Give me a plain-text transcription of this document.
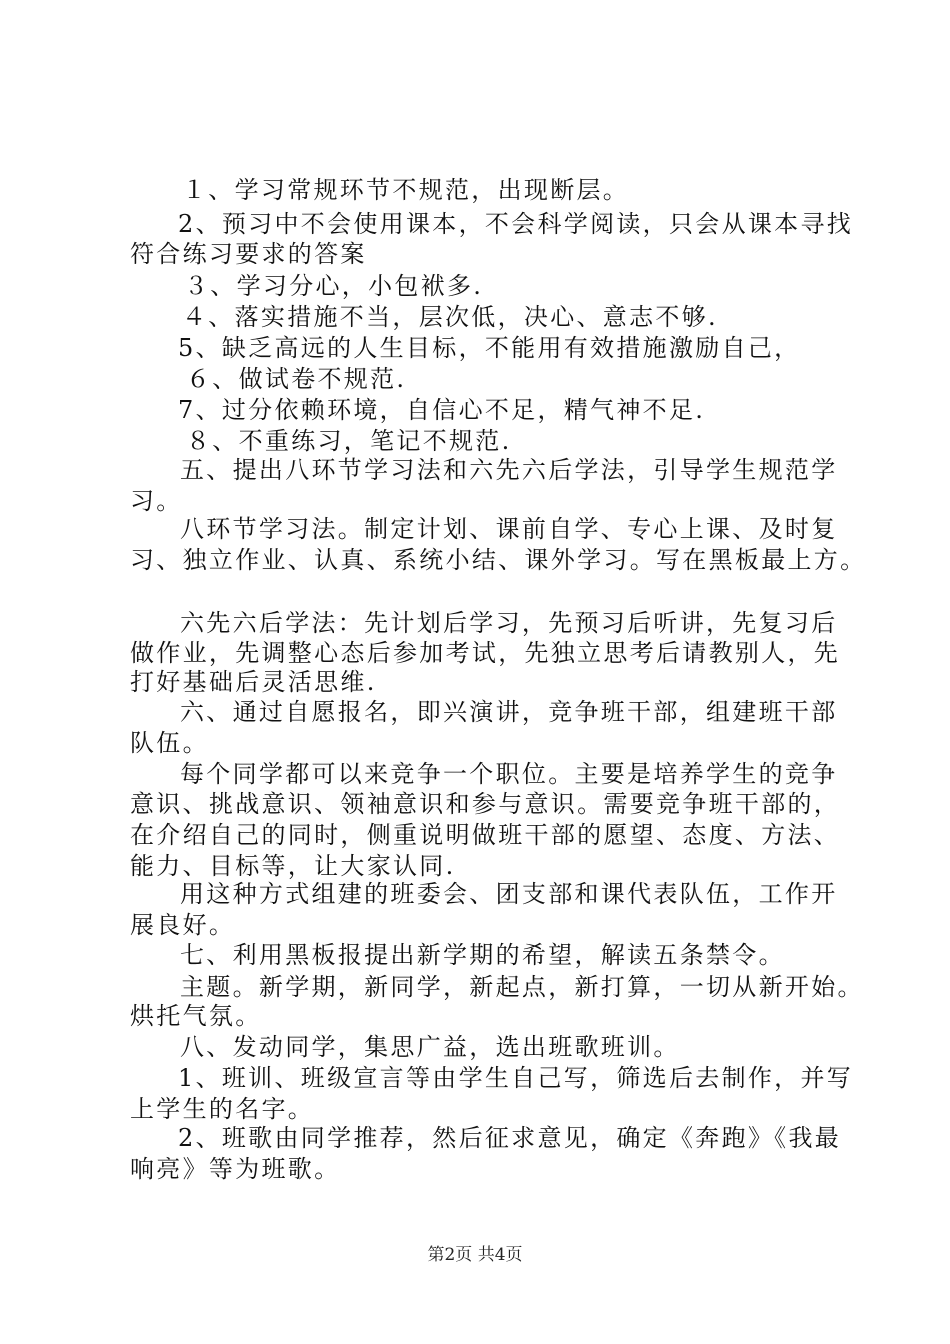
１、学习常规环节不规范，出现断层。
2、预习中不会使用课本，不会科学阅读，只会从课本寻找
符合练习要求的答案
３、学习分心，小包袱多.
４、落实措施不当，层次低，决心、意志不够.
5、缺乏高远的人生目标，不能用有效措施激励自己，
６、做试卷不规范.
7、过分依赖环境，自信心不足，精气神不足.
８、不重练习，笔记不规范.
五、提出八环节学习法和六先六后学法，引导学生规范学
习。
八环节学习法。制定计划、课前自学、专心上课、及时复
习、独立作业、认真、系统小结、课外学习。写在黑板最上方。
六先六后学法：先计划后学习，先预习后听讲，先复习后
做作业，先调整心态后参加考试，先独立思考后请教别人，先
打好基础后灵活思维.
六、通过自愿报名，即兴演讲，竞争班干部，组建班干部
队伍。
每个同学都可以来竞争一个职位。主要是培养学生的竞争
意识、挑战意识、领袖意识和参与意识。需要竞争班干部的，
在介绍自己的同时，侧重说明做班干部的愿望、态度、方法、
能力、目标等，让大家认同.
用这种方式组建的班委会、团支部和课代表队伍，工作开
展良好。
七、利用黑板报提出新学期的希望，解读五条禁令。
主题。新学期，新同学，新起点，新打算，一切从新开始。
烘托气氛。
八、发动同学，集思广益，选出班歌班训。
1、班训、班级宣言等由学生自己写，筛选后去制作，并写
上学生的名字。
2、班歌由同学推荐，然后征求意见，确定《奔跑》《我最
响亮》等为班歌。
第2页 共4页
